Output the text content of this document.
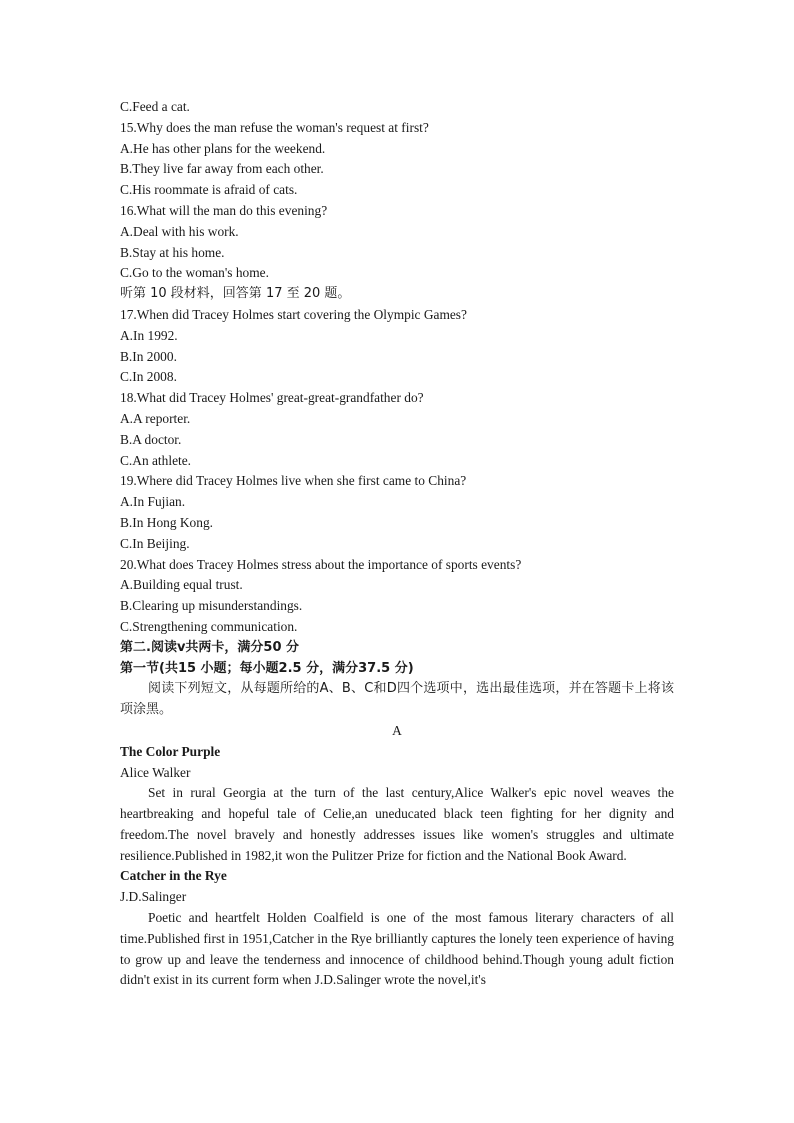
C.Feed a cat.
15.Why does the man refuse the woman's request at first?
A.He has other plans for the weekend.
B.They live far away from each other.
C.His roommate is afraid of cats.
16.What will the man do this evening?
A.Deal with his work.
B.Stay at his home.
C.Go to the woman's home.
听第 10 段材料，回答第 17 至 20 题。
17.When did Tracey Holmes start covering the Olympic Games?
A.In 1992.
B.In 2000.
C.In 2008.
18.What did Tracey Holmes' great-great-grandfather do?
A.A reporter.
B.A doctor.
C.An athlete.
19.Where did Tracey Holmes live when she first came to China?
A.In Fujian.
B.In Hong Kong.
C.In Beijing.
20.What does Tracey Holmes stress about the importance of sports events?
A.Building equal trust.
B.Clearing up misunderstandings.
C.Strengthening communication.
第二.阅读v共两卡，满分50 分
第一节(共15 小题；每小题2.5 分，满分37.5 分)
阅读下列短文，从每题所给的A、B、C和D四个选项中，选出最佳选项，并在答题卡上将该项涂黑。
A
The Color Purple
Alice Walker
Set in rural Georgia at the turn of the last century,Alice Walker's epic novel weaves the heartbreaking and hopeful tale of Celie,an uneducated black teen fighting for her dignity and freedom.The novel bravely and honestly addresses issues like women's struggles and ultimate resilience.Published in 1982,it won the Pulitzer Prize for fiction and the National Book Award.
Catcher in the Rye
J.D.Salinger
Poetic and heartfelt Holden Coalfield is one of the most famous literary characters of all time.Published first in 1951,Catcher in the Rye brilliantly captures the lonely teen experience of having to grow up and leave the tenderness and innocence of childhood behind.Though young adult fiction didn't exist in its current form when J.D.Salinger wrote the novel,it's
